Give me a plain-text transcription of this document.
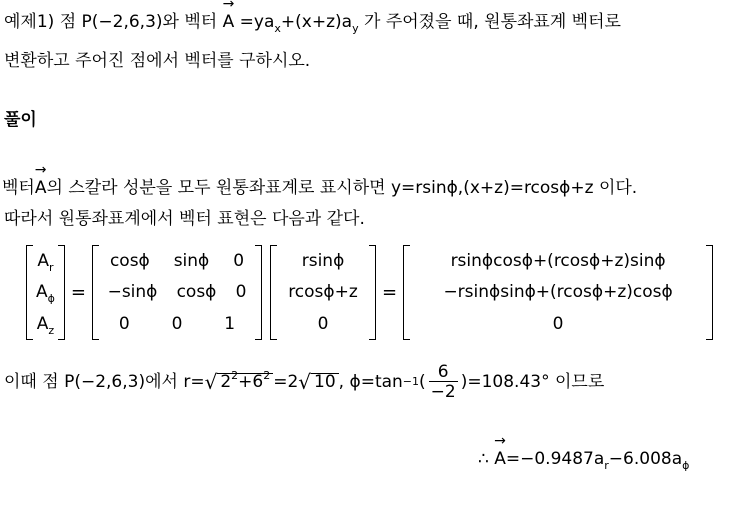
예제1) 점 P(−2,6,3)와 벡터 → $A =ya_x+(x+z)a_y$ 가 주어졌을 때, 원통좌표계 벡터로
변환하고 주어진 점에서 벡터를 구하시오.
풀이
벡터→ A의 스칼라 성분을 모두 원통좌표계로 표시하면 y=rsinϕ,(x+z)=rcosϕ+z 이다.
따라서 원통좌표계에서 벡터 표현은 다음과 같다.
$A_r$
$A_\phi$
$A_z$
=
cosϕ	sinϕ	0
−sinϕ cosϕ 0
0	0	1
rsinϕ
rcosϕ+z
0
=
rsinϕcosϕ+(rcosϕ+z)sinϕ
−rsinϕsinϕ+(rcosϕ+z)cosϕ
0
이때 점 P(−2,6,3)에서 r= √ $2^2+6^2 =2$ √ 10 , ϕ=tan −1 ( $\frac{6}{-2} )=108.43^\circ$ 이므로
∴ → $A=-0.9487a_r-6.008a_\phi$
